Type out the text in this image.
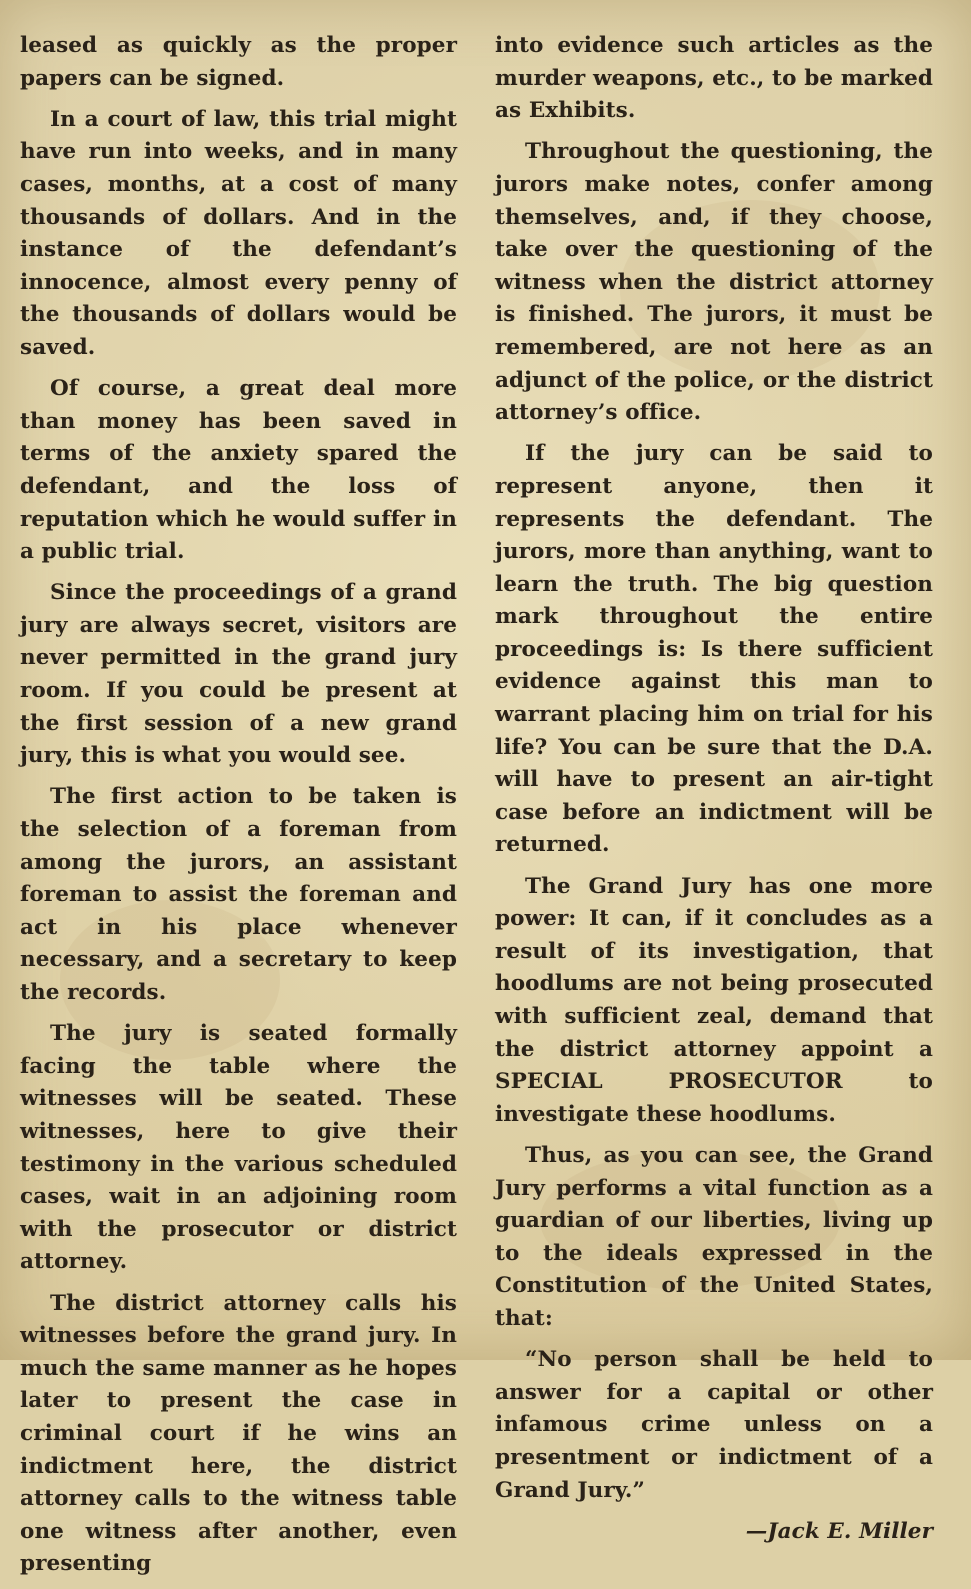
leased as quickly as the proper papers can be signed.

In a court of law, this trial might have run into weeks, and in many cases, months, at a cost of many thousands of dollars. And in the instance of the defendant’s innocence, almost every penny of the thousands of dollars would be saved.

Of course, a great deal more than money has been saved in terms of the anxiety spared the defendant, and the loss of reputation which he would suffer in a public trial.

Since the proceedings of a grand jury are always secret, visitors are never permitted in the grand jury room. If you could be present at the first session of a new grand jury, this is what you would see.

The first action to be taken is the selection of a foreman from among the jurors, an assistant foreman to assist the foreman and act in his place whenever necessary, and a secretary to keep the records.

The jury is seated formally facing the table where the witnesses will be seated. These witnesses, here to give their testimony in the various scheduled cases, wait in an adjoining room with the prosecutor or district attorney.

The district attorney calls his witnesses before the grand jury. In much the same manner as he hopes later to present the case in criminal court if he wins an indictment here, the district attorney calls to the witness table one witness after another, even presenting

into evidence such articles as the murder weapons, etc., to be marked as Exhibits.

Throughout the questioning, the jurors make notes, confer among themselves, and, if they choose, take over the questioning of the witness when the district attorney is finished. The jurors, it must be remembered, are not here as an adjunct of the police, or the district attorney’s office.

If the jury can be said to represent anyone, then it represents the defendant. The jurors, more than anything, want to learn the truth. The big question mark throughout the entire proceedings is: Is there sufficient evidence against this man to warrant placing him on trial for his life? You can be sure that the D.A. will have to present an air-tight case before an indictment will be returned.

The Grand Jury has one more power: It can, if it concludes as a result of its investigation, that hoodlums are not being prosecuted with sufficient zeal, demand that the district attorney appoint a SPECIAL PROSECUTOR to investigate these hoodlums.

Thus, as you can see, the Grand Jury performs a vital function as a guardian of our liberties, living up to the ideals expressed in the Constitution of the United States, that:

“No person shall be held to answer for a capital or other infamous crime unless on a presentment or indictment of a Grand Jury.”

—Jack E. Miller
